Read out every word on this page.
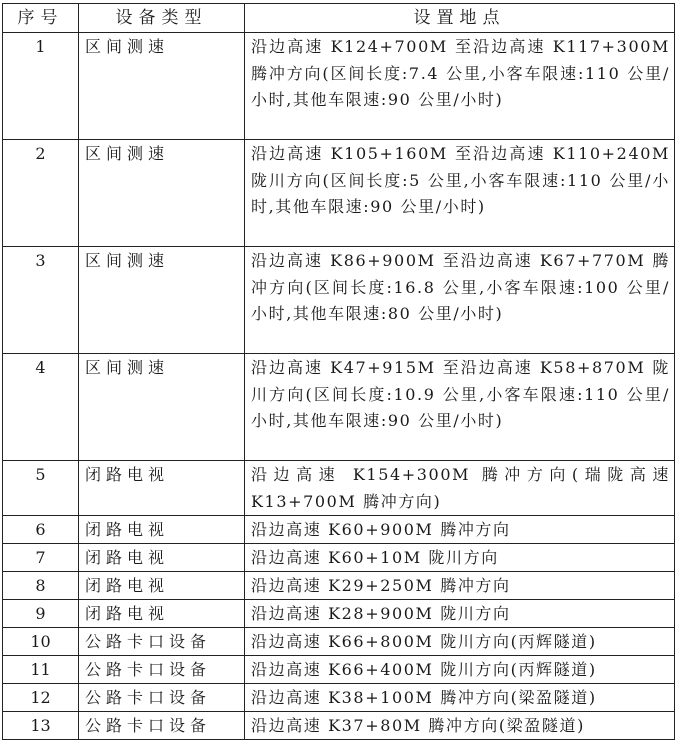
序号	设备类型	设置地点
1	区间测速	沿边高速 K124+700M 至沿边高速 K117+300M 腾冲方向(区间长度:7.4 公里,小客车限速:110 公里/小时,其他车限速:90 公里/小时)
2	区间测速	沿边高速 K105+160M 至沿边高速 K110+240M 陇川方向(区间长度:5 公里,小客车限速:110 公里/小时,其他车限速:90 公里/小时)
3	区间测速	沿边高速 K86+900M 至沿边高速 K67+770M 腾冲方向(区间长度:16.8 公里,小客车限速:100 公里/小时,其他车限速:80 公里/小时)
4	区间测速	沿边高速 K47+915M 至沿边高速 K58+870M 陇川方向(区间长度:10.9 公里,小客车限速:110 公里/小时,其他车限速:90 公里/小时)
5	闭路电视	沿边高速 K154+300M 腾冲方向(瑞陇高速 K13+700M 腾冲方向)
6	闭路电视	沿边高速 K60+900M 腾冲方向
7	闭路电视	沿边高速 K60+10M 陇川方向
8	闭路电视	沿边高速 K29+250M 腾冲方向
9	闭路电视	沿边高速 K28+900M 陇川方向
10	公路卡口设备	沿边高速 K66+800M 陇川方向(丙辉隧道)
11	公路卡口设备	沿边高速 K66+400M 陇川方向(丙辉隧道)
12	公路卡口设备	沿边高速 K38+100M 腾冲方向(梁盈隧道)
13	公路卡口设备	沿边高速 K37+80M 腾冲方向(梁盈隧道)
